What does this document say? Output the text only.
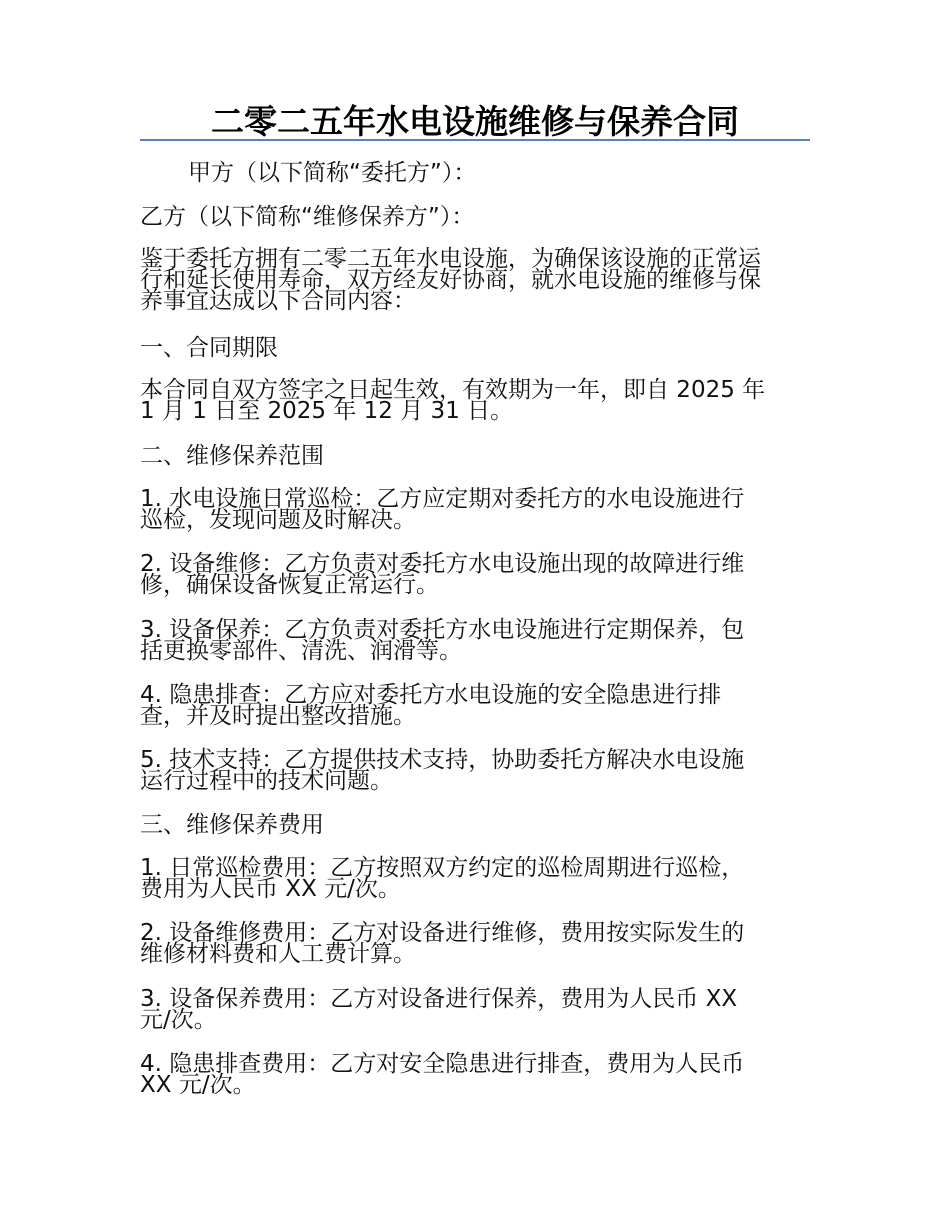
二零二五年水电设施维修与保养合同
甲方（以下简称“委托方”）：
乙方（以下简称“维修保养方”）：
鉴于委托方拥有二零二五年水电设施，为确保该设施的正常运
行和延长使用寿命，双方经友好协商，就水电设施的维修与保
养事宜达成以下合同内容：
一、合同期限
本合同自双方签字之日起生效，有效期为一年，即自 2025 年
1 月 1 日至 2025 年 12 月 31 日。
二、维修保养范围
1. 水电设施日常巡检：乙方应定期对委托方的水电设施进行
巡检，发现问题及时解决。
2. 设备维修：乙方负责对委托方水电设施出现的故障进行维
修，确保设备恢复正常运行。
3. 设备保养：乙方负责对委托方水电设施进行定期保养，包
括更换零部件、清洗、润滑等。
4. 隐患排查：乙方应对委托方水电设施的安全隐患进行排
查，并及时提出整改措施。
5. 技术支持：乙方提供技术支持，协助委托方解决水电设施
运行过程中的技术问题。
三、维修保养费用
1. 日常巡检费用：乙方按照双方约定的巡检周期进行巡检，
费用为人民币 XX 元/次。
2. 设备维修费用：乙方对设备进行维修，费用按实际发生的
维修材料费和人工费计算。
3. 设备保养费用：乙方对设备进行保养，费用为人民币 XX
元/次。
4. 隐患排查费用：乙方对安全隐患进行排查，费用为人民币
XX 元/次。
